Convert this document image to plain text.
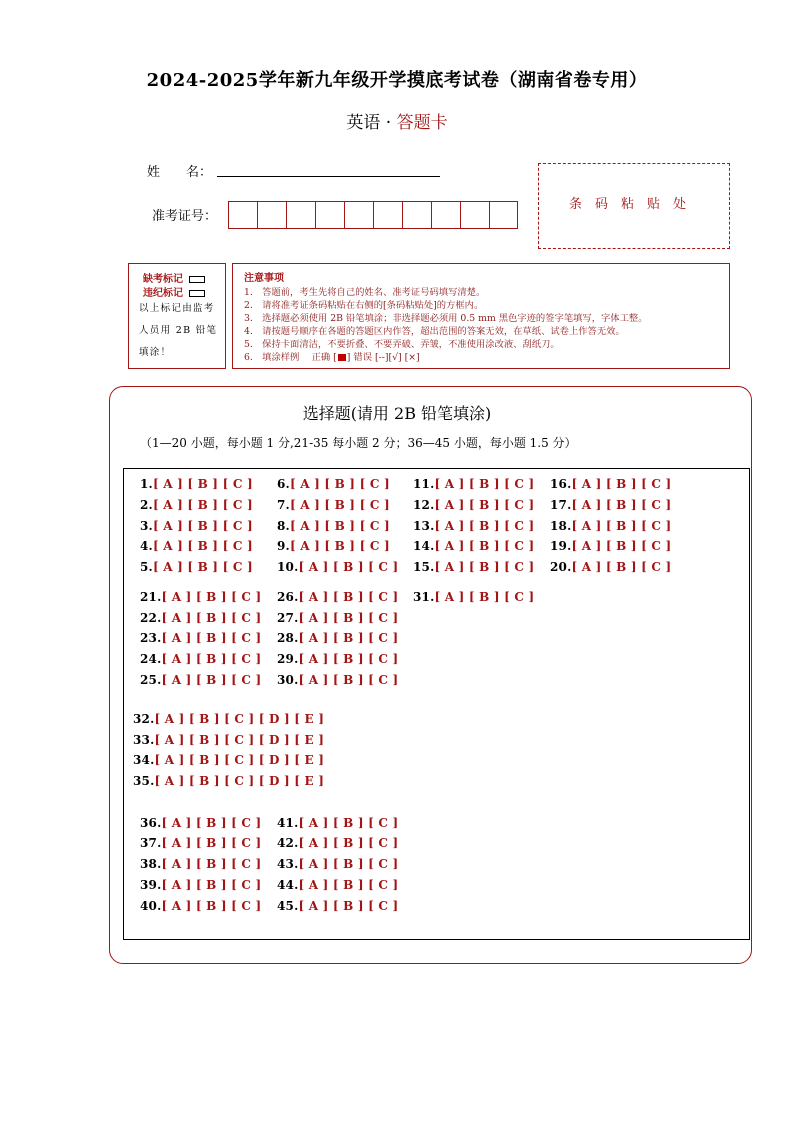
2024-2025学年新九年级开学摸底考试卷（湖南省卷专用）
英语 · 答题卡
姓　　名：
准考证号：
条码粘贴处
缺考标记
违纪标记
以上标记由监考人员用 2B 铅笔填涂！
注意事项
1.　答题前，考生先将自己的姓名、准考证号码填写清楚。
2.　请将准考证条码粘贴在右侧的[条码粘贴处]的方框内。
3.　选择题必须使用 2B 铅笔填涂；非选择题必须用 0.5 mm 黑色字迹的签字笔填写，字体工整。
4.　请按题号顺序在各题的答题区内作答，超出范围的答案无效，在草纸、试卷上作答无效。
5.　保持卡面清洁，不要折叠、不要弄破、弄皱，不准使用涂改液、刮纸刀。
6.　填涂样例　 正确 [ ] 错误 [--][√] [×]
选择题(请用 2B 铅笔填涂)
（1—20 小题，每小题 1 分,21-35 每小题 2 分；36—45 小题，每小题 1.5 分）
1.[ A ] [ B ] [ C ]
2.[ A ] [ B ] [ C ]
3.[ A ] [ B ] [ C ]
4.[ A ] [ B ] [ C ]
5.[ A ] [ B ] [ C ]
6.[ A ] [ B ] [ C ]
7.[ A ] [ B ] [ C ]
8.[ A ] [ B ] [ C ]
9.[ A ] [ B ] [ C ]
10.[ A ] [ B ] [ C ]
11.[ A ] [ B ] [ C ]
12.[ A ] [ B ] [ C ]
13.[ A ] [ B ] [ C ]
14.[ A ] [ B ] [ C ]
15.[ A ] [ B ] [ C ]
16.[ A ] [ B ] [ C ]
17.[ A ] [ B ] [ C ]
18.[ A ] [ B ] [ C ]
19.[ A ] [ B ] [ C ]
20.[ A ] [ B ] [ C ]
21.[ A ] [ B ] [ C ]
22.[ A ] [ B ] [ C ]
23.[ A ] [ B ] [ C ]
24.[ A ] [ B ] [ C ]
25.[ A ] [ B ] [ C ]
26.[ A ] [ B ] [ C ]
27.[ A ] [ B ] [ C ]
28.[ A ] [ B ] [ C ]
29.[ A ] [ B ] [ C ]
30.[ A ] [ B ] [ C ]
31.[ A ] [ B ] [ C ]
32.[ A ] [ B ] [ C ] [ D ] [ E ]
33.[ A ] [ B ] [ C ] [ D ] [ E ]
34.[ A ] [ B ] [ C ] [ D ] [ E ]
35.[ A ] [ B ] [ C ] [ D ] [ E ]
36.[ A ] [ B ] [ C ]
37.[ A ] [ B ] [ C ]
38.[ A ] [ B ] [ C ]
39.[ A ] [ B ] [ C ]
40.[ A ] [ B ] [ C ]
41.[ A ] [ B ] [ C ]
42.[ A ] [ B ] [ C ]
43.[ A ] [ B ] [ C ]
44.[ A ] [ B ] [ C ]
45.[ A ] [ B ] [ C ]
